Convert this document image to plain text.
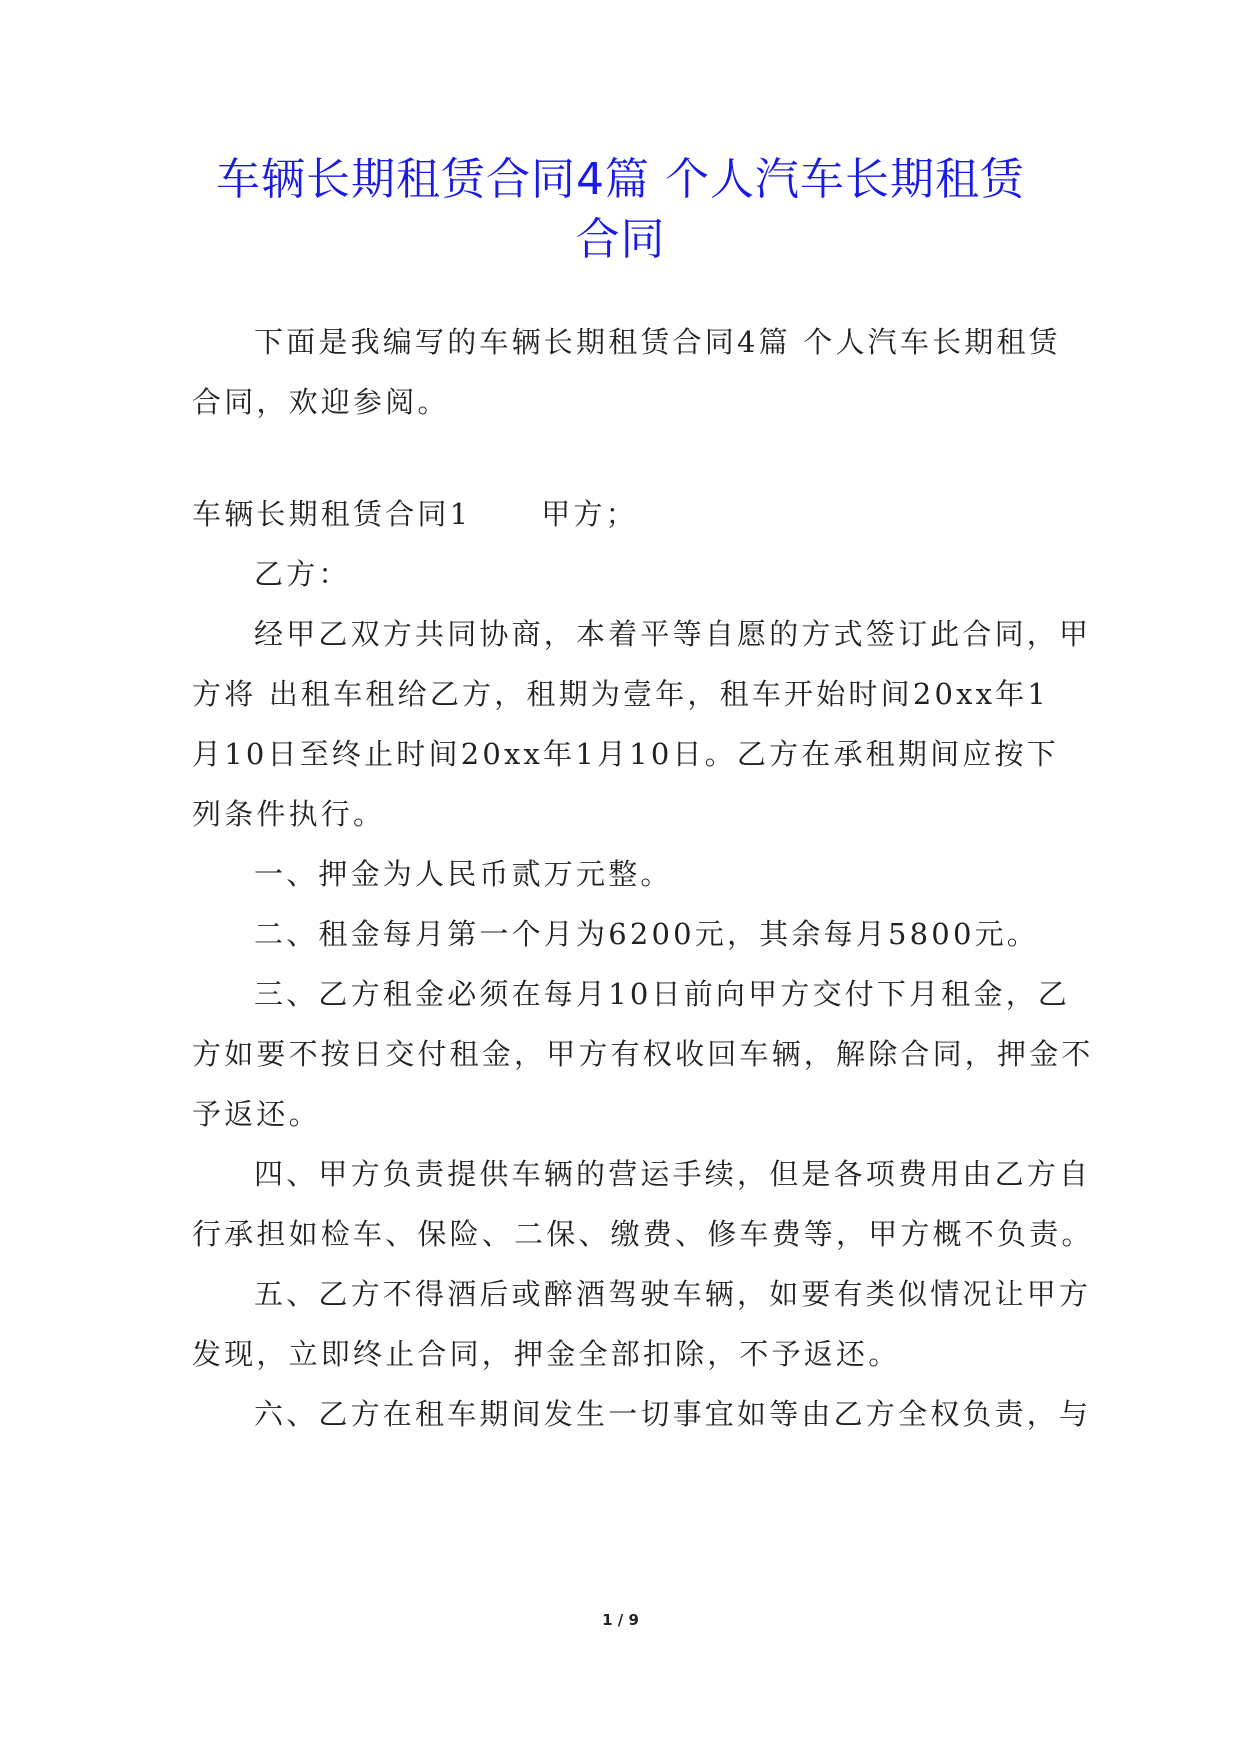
车辆长期租赁合同4篇 个人汽车长期租赁
合同
下面是我编写的车辆长期租赁合同4篇 个人汽车长期租赁
合同，欢迎参阅。
车辆长期租赁合同1 甲方；
乙方：
经甲乙双方共同协商，本着平等自愿的方式签订此合同，甲
方将 出租车租给乙方，租期为壹年，租车开始时间20xx年1
月10日至终止时间20xx年1月10日。乙方在承租期间应按下
列条件执行。
一、押金为人民币贰万元整。
二、租金每月第一个月为6200元，其余每月5800元。
三、乙方租金必须在每月10日前向甲方交付下月租金，乙
方如要不按日交付租金，甲方有权收回车辆，解除合同，押金不
予返还。
四、甲方负责提供车辆的营运手续，但是各项费用由乙方自
行承担如检车、保险、二保、缴费、修车费等，甲方概不负责。
五、乙方不得酒后或醉酒驾驶车辆，如要有类似情况让甲方
发现，立即终止合同，押金全部扣除，不予返还。
六、乙方在租车期间发生一切事宜如等由乙方全权负责，与
1 / 9
